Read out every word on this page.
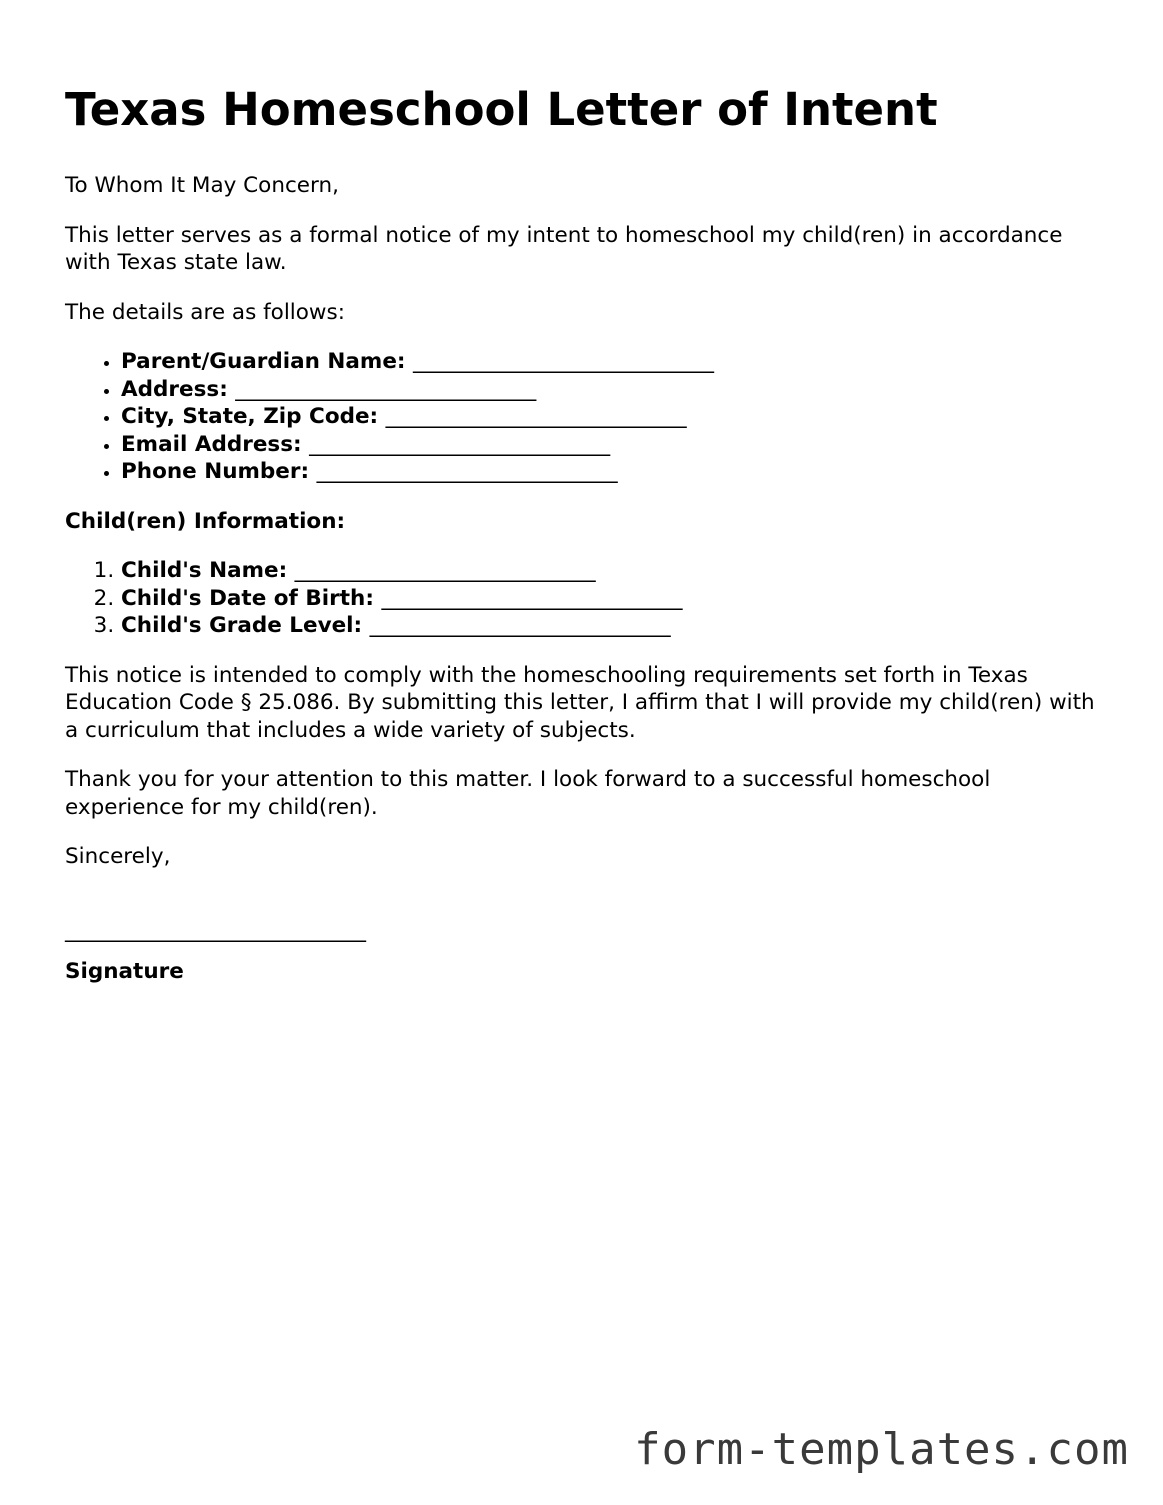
Texas Homeschool Letter of Intent

To Whom It May Concern,

This letter serves as a formal notice of my intent to homeschool my child(ren) in accordance with Texas state law.

The details are as follows:

• Parent/Guardian Name: ____________________________
• Address: ____________________________
• City, State, Zip Code: ____________________________
• Email Address: ____________________________
• Phone Number: ____________________________

Child(ren) Information:

1. Child's Name: ____________________________
2. Child's Date of Birth: ____________________________
3. Child's Grade Level: ____________________________

This notice is intended to comply with the homeschooling requirements set forth in Texas Education Code § 25.086. By submitting this letter, I affirm that I will provide my child(ren) with a curriculum that includes a wide variety of subjects.

Thank you for your attention to this matter. I look forward to a successful homeschool experience for my child(ren).

Sincerely,

____________________________

Signature

form-templates.com
